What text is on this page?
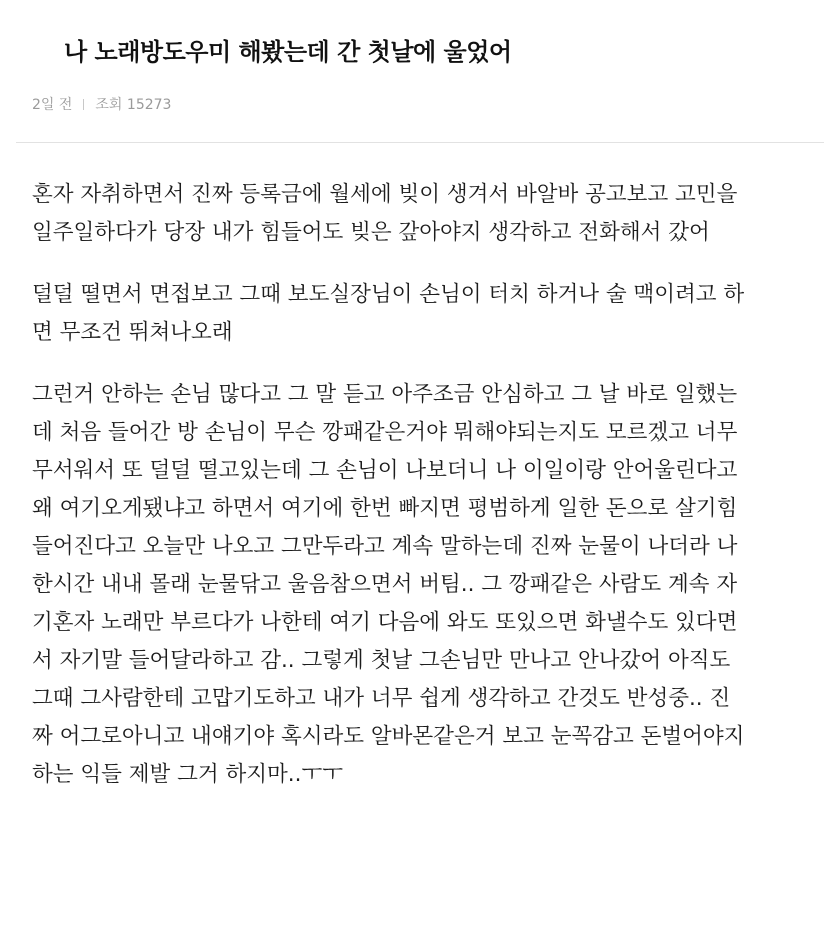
나 노래방도우미 해봤는데 간 첫날에 울었어
2일 전 조회 15273

혼자 자취하면서 진짜 등록금에 월세에 빚이 생겨서 바알바 공고보고 고민을
일주일하다가 당장 내가 힘들어도 빚은 갚아야지 생각하고 전화해서 갔어

덜덜 떨면서 면접보고 그때 보도실장님이 손님이 터치 하거나 술 맥이려고 하
면 무조건 뛰쳐나오래

그런거 안하는 손님 많다고 그 말 듣고 아주조금 안심하고 그 날 바로 일했는
데 처음 들어간 방 손님이 무슨 깡패같은거야 뭐해야되는지도 모르겠고 너무
무서워서 또 덜덜 떨고있는데 그 손님이 나보더니 나 이일이랑 안어울린다고
왜 여기오게됐냐고 하면서 여기에 한번 빠지면 평범하게 일한 돈으로 살기힘
들어진다고 오늘만 나오고 그만두라고 계속 말하는데 진짜 눈물이 나더라 나
한시간 내내 몰래 눈물닦고 울음참으면서 버팀.. 그 깡패같은 사람도 계속 자
기혼자 노래만 부르다가 나한테 여기 다음에 와도 또있으면 화낼수도 있다면
서 자기말 들어달라하고 감.. 그렇게 첫날 그손님만 만나고 안나갔어 아직도
그때 그사람한테 고맙기도하고 내가 너무 쉽게 생각하고 간것도 반성중.. 진
짜 어그로아니고 내얘기야 혹시라도 알바몬같은거 보고 눈꼭감고 돈벌어야지
하는 익들 제발 그거 하지마..ㅜㅜ
